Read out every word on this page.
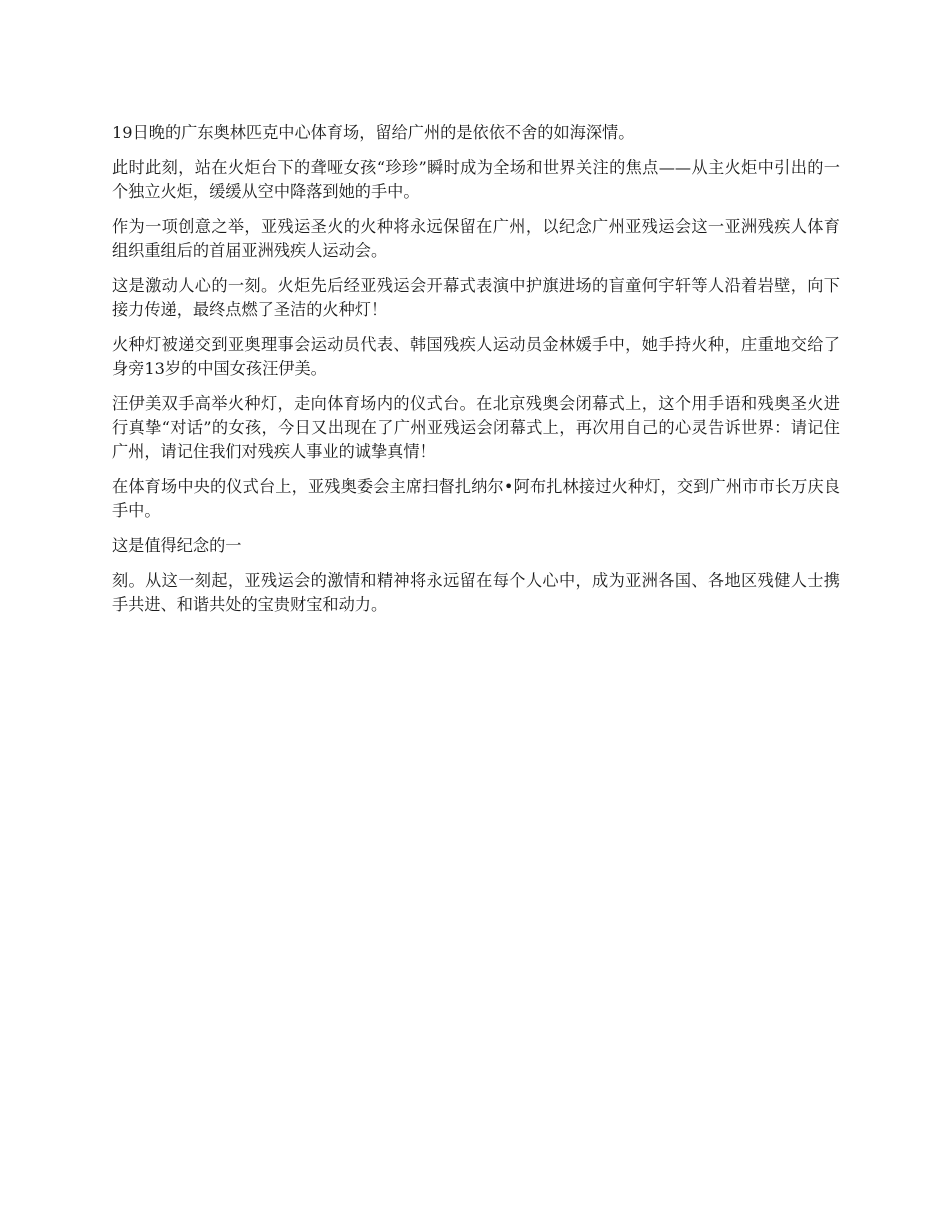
19日晚的广东奥林匹克中心体育场，留给广州的是依依不舍的如海深情。

此时此刻，站在火炬台下的聋哑女孩“珍珍”瞬时成为全场和世界关注的焦点——从主火炬中引出的一个独立火炬，缓缓从空中降落到她的手中。

作为一项创意之举，亚残运圣火的火种将永远保留在广州，以纪念广州亚残运会这一亚洲残疾人体育组织重组后的首届亚洲残疾人运动会。

这是激动人心的一刻。火炬先后经亚残运会开幕式表演中护旗进场的盲童何宇轩等人沿着岩壁，向下接力传递，最终点燃了圣洁的火种灯！

火种灯被递交到亚奥理事会运动员代表、韩国残疾人运动员金林媛手中，她手持火种，庄重地交给了身旁13岁的中国女孩汪伊美。

汪伊美双手高举火种灯，走向体育场内的仪式台。在北京残奥会闭幕式上，这个用手语和残奥圣火进行真挚“对话”的女孩，今日又出现在了广州亚残运会闭幕式上，再次用自己的心灵告诉世界：请记住广州，请记住我们对残疾人事业的诚挚真情！

在体育场中央的仪式台上，亚残奥委会主席扫督扎纳尔•阿布扎林接过火种灯，交到广州市市长万庆良手中。

这是值得纪念的一

刻。从这一刻起，亚残运会的激情和精神将永远留在每个人心中，成为亚洲各国、各地区残健人士携手共进、和谐共处的宝贵财宝和动力。
